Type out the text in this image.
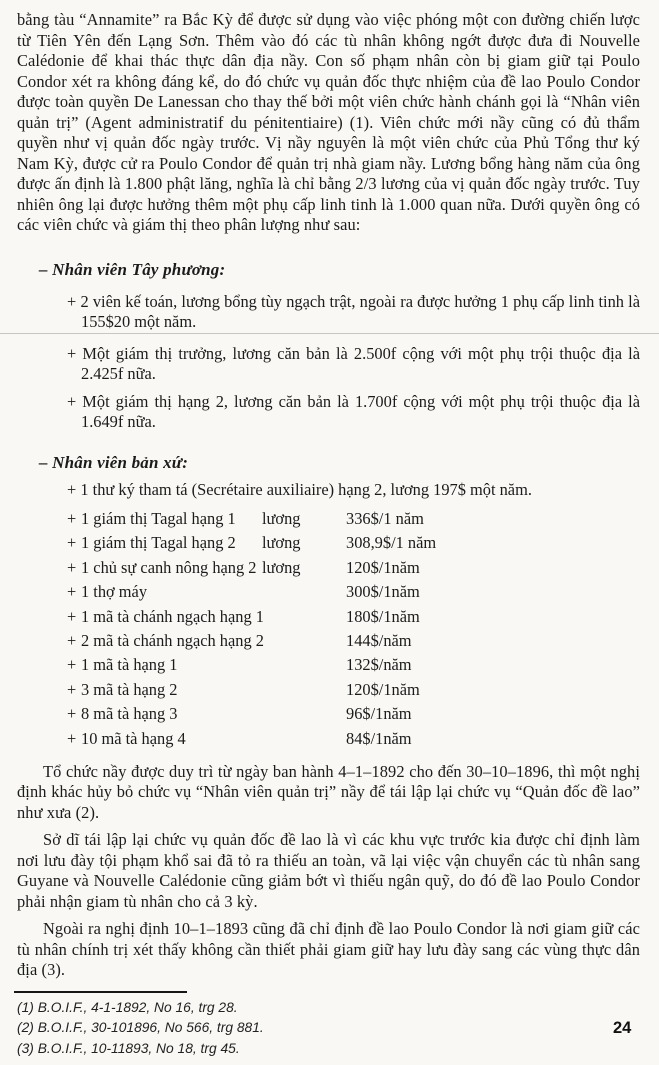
bằng tàu “Annamite” ra Bắc Kỳ để được sử dụng vào việc phóng một con đường chiến lược từ Tiên Yên đến Lạng Sơn. Thêm vào đó các tù nhân không ngớt được đưa đi Nouvelle Calédonie để khai thác thực dân địa nầy. Con số phạm nhân còn bị giam giữ tại Poulo Condor xét ra không đáng kể, do đó chức vụ quản đốc thực nhiệm của đề lao Poulo Condor được toàn quyền De Lanessan cho thay thế bởi một viên chức hành chánh gọi là “Nhân viên quản trị” (Agent administratif du pénitentiaire) (1). Viên chức mới nầy cũng có đủ thẩm quyền như vị quản đốc ngày trước. Vị nầy nguyên là một viên chức của Phủ Tổng thư ký Nam Kỳ, được cử ra Poulo Condor để quản trị nhà giam nầy. Lương bổng hàng năm của ông được ấn định là 1.800 phật lăng, nghĩa là chỉ bằng 2/3 lương của vị quản đốc ngày trước. Tuy nhiên ông lại được hưởng thêm một phụ cấp linh tinh là 1.000 quan nữa. Dưới quyền ông có các viên chức và giám thị theo phân lượng như sau:

– Nhân viên Tây phương:

+ 2 viên kế toán, lương bổng tùy ngạch trật, ngoài ra được hưởng 1 phụ cấp linh tinh là 155$20 một năm.

+ Một giám thị trưởng, lương căn bản là 2.500f cộng với một phụ trội thuộc địa là 2.425f nữa.

+ Một giám thị hạng 2, lương căn bản là 1.700f cộng với một phụ trội thuộc địa là 1.649f nữa.

– Nhân viên bản xứ:

+ 1 thư ký tham tá (Secrétaire auxiliaire) hạng 2, lương 197$ một năm.

+ 1 giám thị Tagal hạng 1 lương	336$/1 năm
+ 1 giám thị Tagal hạng 2 lương	308,9$/1 năm
+ 1 chủ sự canh nông hạng 2 lương	120$/1năm
+ 1 thợ máy	300$/1năm
+ 1 mã tà chánh ngạch hạng 1	180$/1năm
+ 2 mã tà chánh ngạch hạng 2	144$/năm
+ 1 mã tà hạng 1	132$/năm
+ 3 mã tà hạng 2	120$/1năm
+ 8 mã tà hạng 3	96$/1năm
+ 10 mã tà hạng 4	84$/1năm

Tổ chức nầy được duy trì từ ngày ban hành 4–1–1892 cho đến 30–10–1896, thì một nghị định khác hủy bỏ chức vụ “Nhân viên quản trị” nầy để tái lập lại chức vụ “Quản đốc đề lao” như xưa (2).

Sở dĩ tái lập lại chức vụ quản đốc đề lao là vì các khu vực trước kia được chỉ định làm nơi lưu đày tội phạm khổ sai đã tỏ ra thiếu an toàn, vã lại việc vận chuyển các tù nhân sang Guyane và Nouvelle Calédonie cũng giảm bớt vì thiếu ngân quỹ, do đó đề lao Poulo Condor phải nhận giam tù nhân cho cả 3 kỳ.

Ngoài ra nghị định 10–1–1893 cũng đã chỉ định đề lao Poulo Condor là nơi giam giữ các tù nhân chính trị xét thấy không cần thiết phải giam giữ hay lưu đày sang các vùng thực dân địa (3).

(1) B.O.I.F., 4-1-1892, No 16, trg 28.

(2) B.O.I.F., 30-101896, No 566, trg 881.

(3) B.O.I.F., 10-11893, No 18, trg 45.

24
